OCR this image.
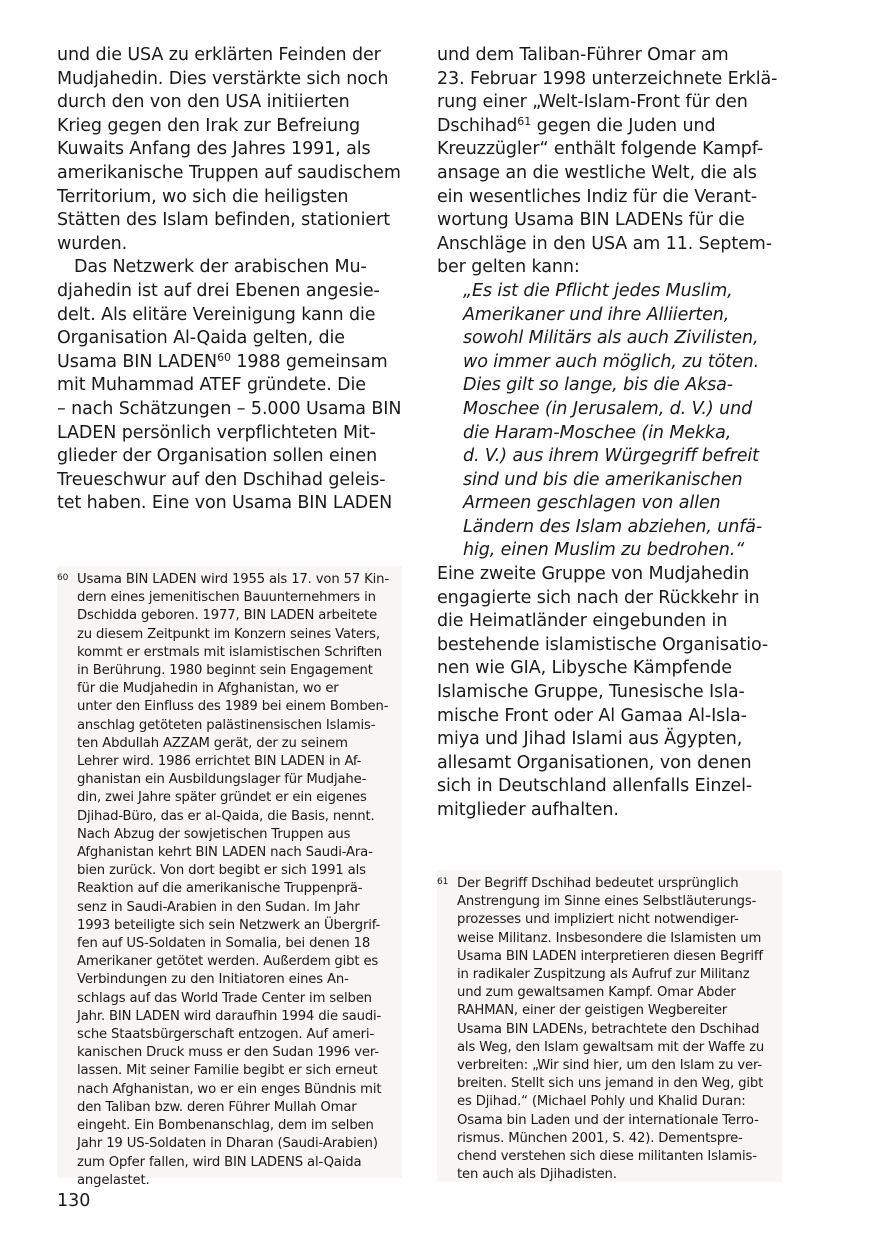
und die USA zu erklärten Feinden der
Mudjahedin. Dies verstärkte sich noch
durch den von den USA initiierten
Krieg gegen den Irak zur Befreiung
Kuwaits Anfang des Jahres 1991, als
amerikanische Truppen auf saudischem
Territorium, wo sich die heiligsten
Stätten des Islam befinden, stationiert
wurden.

Das Netzwerk der arabischen Mu-
djahedin ist auf drei Ebenen angesie-
delt. Als elitäre Vereinigung kann die
Organisation Al-Qaida gelten, die
Usama BIN LADEN$^{60}$ 1988 gemeinsam
mit Muhammad ATEF gründete. Die
– nach Schätzungen – 5.000 Usama BIN
LADEN persönlich verpflichteten Mit-
glieder der Organisation sollen einen
Treueschwur auf den Dschihad geleis-
tet haben. Eine von Usama BIN LADEN

und dem Taliban-Führer Omar am
23. Februar 1998 unterzeichnete Erklä-
rung einer „Welt-Islam-Front für den
Dschihad$^{61}$ gegen die Juden und
Kreuzzügler“ enthält folgende Kampf-
ansage an die westliche Welt, die als
ein wesentliches Indiz für die Verant-
wortung Usama BIN LADENs für die
Anschläge in den USA am 11. Septem-
ber gelten kann:

„Es ist die Pflicht jedes Muslim,
Amerikaner und ihre Alliierten,
sowohl Militärs als auch Zivilisten,
wo immer auch möglich, zu töten.
Dies gilt so lange, bis die Aksa-
Moschee (in Jerusalem, d. V.) und
die Haram-Moschee (in Mekka,
d. V.) aus ihrem Würgegriff befreit
sind und bis die amerikanischen
Armeen geschlagen von allen
Ländern des Islam abziehen, unfä-
hig, einen Muslim zu bedrohen.“

Eine zweite Gruppe von Mudjahedin
engagierte sich nach der Rückkehr in
die Heimatländer eingebunden in
bestehende islamistische Organisatio-
nen wie GIA, Libysche Kämpfende
Islamische Gruppe, Tunesische Isla-
mische Front oder Al Gamaa Al-Isla-
miya und Jihad Islami aus Ägypten,
allesamt Organisationen, von denen
sich in Deutschland allenfalls Einzel-
mitglieder aufhalten.

60 Usama BIN LADEN wird 1955 als 17. von 57 Kin-
dern eines jemenitischen Bauunternehmers in
Dschidda geboren. 1977, BIN LADEN arbeitete
zu diesem Zeitpunkt im Konzern seines Vaters,
kommt er erstmals mit islamistischen Schriften
in Berührung. 1980 beginnt sein Engagement
für die Mudjahedin in Afghanistan, wo er
unter den Einfluss des 1989 bei einem Bomben-
anschlag getöteten palästinensischen Islamis-
ten Abdullah AZZAM gerät, der zu seinem
Lehrer wird. 1986 errichtet BIN LADEN in Af-
ghanistan ein Ausbildungslager für Mudjahe-
din, zwei Jahre später gründet er ein eigenes
Djihad-Büro, das er al-Qaida, die Basis, nennt.
Nach Abzug der sowjetischen Truppen aus
Afghanistan kehrt BIN LADEN nach Saudi-Ara-
bien zurück. Von dort begibt er sich 1991 als
Reaktion auf die amerikanische Truppenprä-
senz in Saudi-Arabien in den Sudan. Im Jahr
1993 beteiligte sich sein Netzwerk an Übergrif-
fen auf US-Soldaten in Somalia, bei denen 18
Amerikaner getötet werden. Außerdem gibt es
Verbindungen zu den Initiatoren eines An-
schlags auf das World Trade Center im selben
Jahr. BIN LADEN wird daraufhin 1994 die saudi-
sche Staatsbürgerschaft entzogen. Auf ameri-
kanischen Druck muss er den Sudan 1996 ver-
lassen. Mit seiner Familie begibt er sich erneut
nach Afghanistan, wo er ein enges Bündnis mit
den Taliban bzw. deren Führer Mullah Omar
eingeht. Ein Bombenanschlag, dem im selben
Jahr 19 US-Soldaten in Dharan (Saudi-Arabien)
zum Opfer fallen, wird BIN LADENS al-Qaida
angelastet.
61 Der Begriff Dschihad bedeutet ursprünglich
Anstrengung im Sinne eines Selbstläuterungs-
prozesses und impliziert nicht notwendiger-
weise Militanz. Insbesondere die Islamisten um
Usama BIN LADEN interpretieren diesen Begriff
in radikaler Zuspitzung als Aufruf zur Militanz
und zum gewaltsamen Kampf. Omar Abder
RAHMAN, einer der geistigen Wegbereiter
Usama BIN LADENs, betrachtete den Dschihad
als Weg, den Islam gewaltsam mit der Waffe zu
verbreiten: „Wir sind hier, um den Islam zu ver-
breiten. Stellt sich uns jemand in den Weg, gibt
es Djihad.“ (Michael Pohly und Khalid Duran:
Osama bin Laden und der internationale Terro-
rismus. München 2001, S. 42). Dementspre-
chend verstehen sich diese militanten Islamis-
ten auch als Djihadisten.
130
